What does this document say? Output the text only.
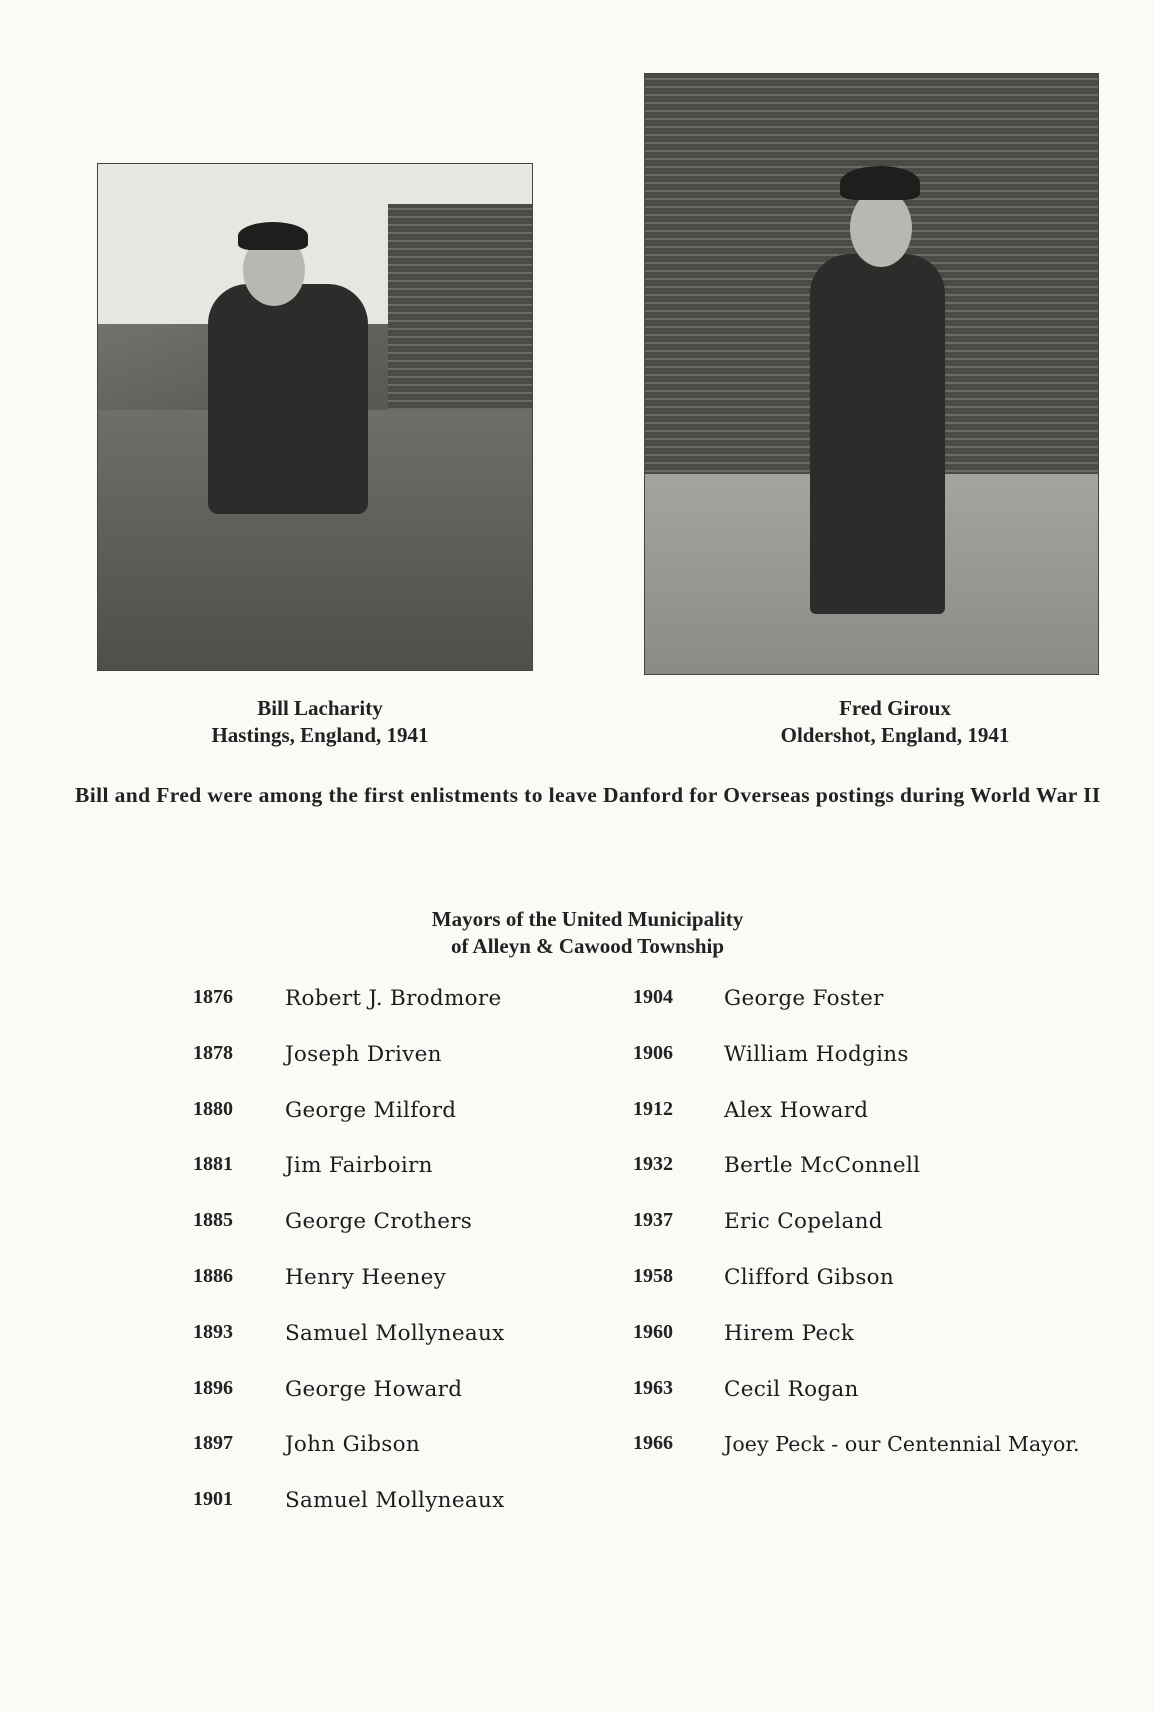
Bill Lacharity
Hastings, England, 1941
Fred Giroux
Oldershot, England, 1941
Bill and Fred were among the first enlistments to leave Danford for Overseas postings during World War II
Mayors of the United Municipality
of Alleyn & Cawood Township
1876 Robert J. Brodmore
1878 Joseph Driven
1880 George Milford
1881 Jim Fairboirn
1885 George Crothers
1886 Henry Heeney
1893 Samuel Mollyneaux
1896 George Howard
1897 John Gibson
1901 Samuel Mollyneaux
1904 George Foster
1906 William Hodgins
1912 Alex Howard
1932 Bertle McConnell
1937 Eric Copeland
1958 Clifford Gibson
1960 Hirem Peck
1963 Cecil Rogan
1966 Joey Peck - our Centennial Mayor.
